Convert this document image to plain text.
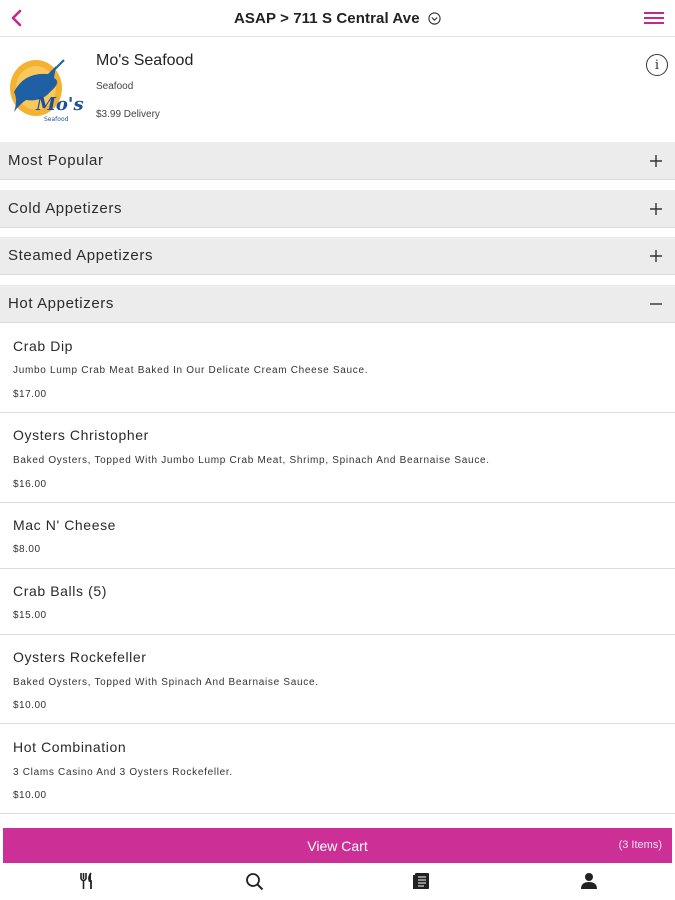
ASAP > 711 S Central Ave
Mo's
Seafood
Mo's Seafood
Seafood
$3.99 Delivery
i
Most Popular
Cold Appetizers
Steamed Appetizers
Hot Appetizers
Crab Dip
Jumbo Lump Crab Meat Baked In Our Delicate Cream Cheese Sauce.
$17.00
Oysters Christopher
Baked Oysters, Topped With Jumbo Lump Crab Meat, Shrimp, Spinach And Bearnaise Sauce.
$16.00
Mac N' Cheese
$8.00
Crab Balls (5)
$15.00
Oysters Rockefeller
Baked Oysters, Topped With Spinach And Bearnaise Sauce.
$10.00
Hot Combination
3 Clams Casino And 3 Oysters Rockefeller.
$10.00
View Cart	(3 Items)
